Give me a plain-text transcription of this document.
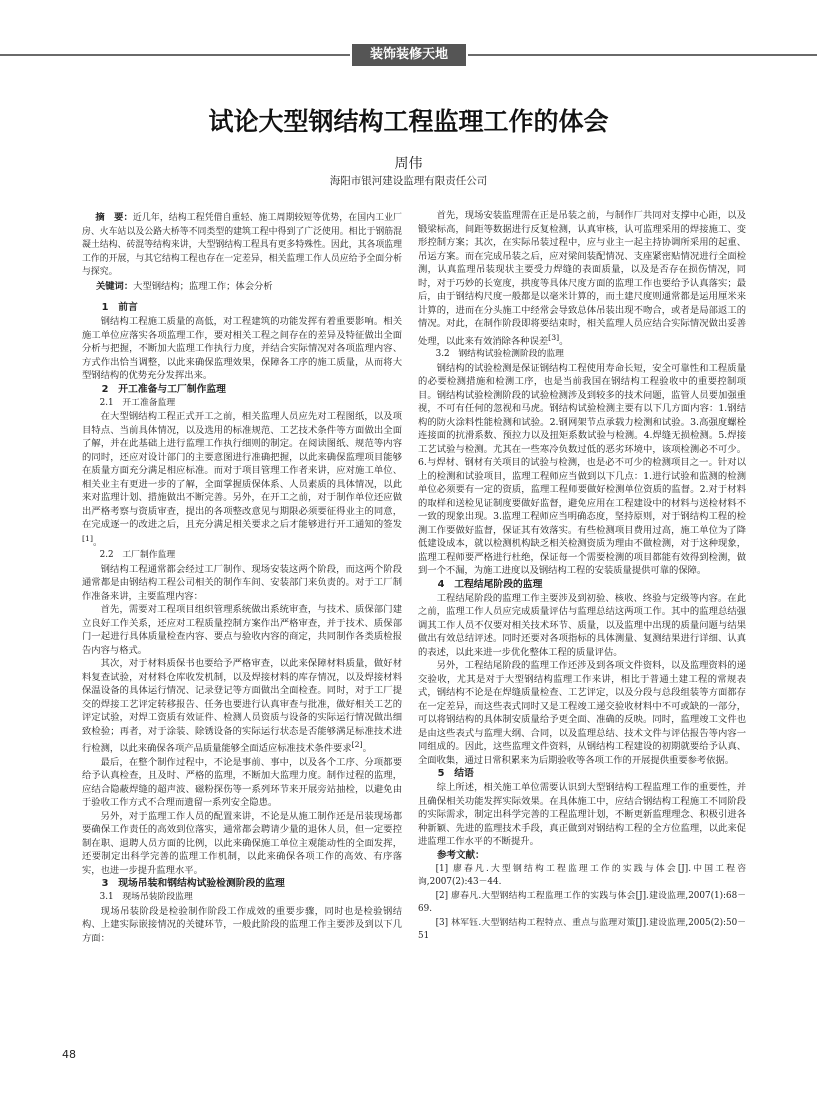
装饰装修天地
试论大型钢结构工程监理工作的体会
周伟
海阳市银河建设监理有限责任公司

摘　要：近几年，结构工程凭借自重轻、施工周期较短等优势，在国内工业厂房、火车站以及公路大桥等不同类型的建筑工程中得到了广泛使用。相比于钢筋混凝土结构、砖混等结构来讲，大型钢结构工程具有更多特殊性。因此，其各项监理工作的开展，与其它结构工程也存在一定差异，相关监理工作人员应给予全面分析与探究。

关键词：大型钢结构；监理工作；体会分析

1　前言

钢结构工程施工质量的高低，对工程建筑的功能发挥有着重要影响。相关施工单位应落实各项监理工作，要对相关工程之间存在的差异及特征做出全面分析与把握，不断加大监理工作执行力度，并结合实际情况对各项监理内容、方式作出恰当调整，以此来确保监理效果，保障各工序的施工质量，从而将大型钢结构的优势充分发挥出来。

2　开工准备与工厂制作监理

2.1　开工准备监理

在大型钢结构工程正式开工之前，相关监理人员应先对工程图纸，以及项目特点、当前具体情况，以及选用的标准规范、工艺技术条件等方面做出全面了解，并在此基础上进行监理工作执行细则的制定。在阅读图纸、规范等内容的同时，还应对设计部门的主要意图进行准确把握，以此来确保监理项目能够在质量方面充分满足相应标准。而对于项目管理工作者来讲，应对施工单位、相关业主有更进一步的了解，全面掌握质保体系、人员素质的具体情况，以此来对监理计划、措施做出不断完善。另外，在开工之前，对于制作单位还应做出严格考察与资质审查，提出的各项整改意见与期限必须要征得业主的同意，在完成逐一的改进之后，且充分满足相关要求之后才能够进行开工通知的签发[1]。

2.2　工厂制作监理

钢结构工程通常都会经过工厂制作、现场安装这两个阶段，而这两个阶段通常都是由钢结构工程公司相关的制作车间、安装部门来负责的。对于工厂制作准备来讲，主要监理内容：

首先，需要对工程项目组织管理系统做出系统审查，与技术、质保部门建立良好工作关系，还应对工程质量控制方案作出严格审查，并于技术、质保部门一起进行具体质量检查内容、要点与验收内容的商定，共同制作各类质检报告内容与格式。

其次，对于材料质保书也要给予严格审查，以此来保障材料质量，做好材料复查试验，对材料仓库收发机制，以及焊接材料的库存情况，以及焊接材料保温设备的具体运行情况、记录登记等方面做出全面检查。同时，对于工厂提交的焊接工艺评定转移报告、任务也要进行认真审查与批准，做好相关工艺的评定试验，对焊工资质有效证件、检测人员资质与设备的实际运行情况做出细致检验；再者，对于涂装、除锈设备的实际运行状态是否能够满足标准技术进行检测，以此来确保各项产品质量能够全面适应标准技术条件要求[2]。

最后，在整个制作过程中，不论是事前、事中，以及各个工序、分项都要给予认真检查，且及时、严格的监理，不断加大监理力度。制作过程的监理，应结合隐蔽焊缝的超声波、磁粉探伤等一系列环节来开展旁站抽检，以避免由于验收工作方式不合理而遗留一系列安全隐患。

另外，对于监理工作人员的配置来讲，不论是从施工制作还是吊装现场都要确保工作责任的高效到位落实，通常都会聘请少量的退休人员，但一定要控制在职、退聘人员方面的比例，以此来确保施工单位主观能动性的全面发挥，还要制定出科学完善的监理工作机制，以此来确保各项工作的高效、有序落实，也进一步提升监理水平。

3　现场吊装和钢结构试验检测阶段的监理

3.1　现场吊装阶段监理

现场吊装阶段是检验制作阶段工作成效的重要步骤，同时也是检验钢结构、上建实际嵌接情况的关键环节，一般此阶段的监理工作主要涉及到以下几方面：

首先，现场安装监理需在正是吊装之前，与制作厂共同对支撑中心距，以及锻梁标高，间距等数据进行反复检测，认真审核，认可监理采用的焊接施工、变形控制方案；其次，在实际吊装过程中，应与业主一起主持协调所采用的起重、吊运方案。而在完成吊装之后，应对梁间装配情况、支座紧密贴情况进行全面检测，认真监理吊装现状主要受力焊缝的表面质量，以及是否存在损伤情况，同时，对于巧妙的长宽度，拱度等具体尺度方面的监理工作也要给予认真落实；最后，由于钢结构尺度一般都是以毫米计算的，而土建尺度则通常都是运用厘米来计算的，进而在分头施工中经常会导致总体吊装出现不吻合，或者是局部返工的情况。对此，在制作阶段即将要结束时，相关监理人员应结合实际情况做出妥善处理，以此来有效消除各种误差[3]。

3.2　钢结构试验检测阶段的监理

钢结构的试验检测是保证钢结构工程使用寿命长短，安全可靠性和工程质量的必要检测措施和检测工序，也是当前我国在钢结构工程验收中的重要控制项目。钢结构试验检测阶段的试验检测涉及到较多的技术问题，监管人员要加强重视，不可有任何的忽视和马虎。钢结构试验检测主要有以下几方面内容：1.钢结构的防火涂料性能检测和试验。2.钢网架节点承载力检测和试验。3.高强度螺栓连接面的抗滑系数、预拉力以及扭矩系数试验与检测。4.焊缝无损检测。5.焊接工艺试验与检测。尤其在一些寒冷负数过低的恶劣环境中，该项检测必不可少。6.与焊材、钢材有关项目的试验与检测，也是必不可少的检测项目之一。针对以上的检测和试验项目，监理工程师应当做到以下几点：1.进行试验和监测的检测单位必须要有一定的资质，监理工程师要做好检测单位资质的监督。2.对于材料的取样和送检见证制度要做好监督，避免应用在工程建设中的材料与送检材料不一致的现象出现。3.监理工程师应当明确态度，坚持原则，对于钢结构工程的检测工作要做好监督，保证其有效落实。有些检测项目费用过高，施工单位为了降低建设成本，就以检测机构缺乏相关检测资质为理由不做检测，对于这种现象，监理工程师要严格进行杜绝，保证每一个需要检测的项目都能有效得到检测，做到一个不漏，为施工进度以及钢结构工程的安装质量提供可靠的保障。

4　工程结尾阶段的监理

工程结尾阶段的监理工作主要涉及到初验、核收、终验与定级等内容。在此之前，监理工作人员应完成质量评估与监理总结这两项工作。其中的监理总结强调其工作人员不仅要对相关技术环节、质量，以及监理中出现的质量问题与结果做出有效总结评述。同时还要对各项指标的具体测量、复测结果进行详细、认真的表述，以此来进一步优化整体工程的质量评估。

另外，工程结尾阶段的监理工作还涉及到各项文件资料，以及监理资料的递交验收，尤其是对于大型钢结构监理工作来讲，相比于普通土建工程的常规表式，钢结构不论是在焊缝质量检查、工艺评定，以及分段与总段组装等方面都存在一定差异，而这些表式同时又是工程竣工递交验收材料中不可或缺的一部分，可以将钢结构的具体制安质量给予更全面、准确的反映。同时，监理竣工文件也是由这些表式与监理大纲、合同，以及监理总结、技术文件与评估报告等内容一同组成的。因此，这些监理文件资料，从钢结构工程建设的初期就要给予认真、全面收集，通过日常积累来为后期验收等各项工作的开展提供重要参考依据。

5　结语

综上所述，相关施工单位需要认识到大型钢结构工程监理工作的重要性，并且确保相关功能发挥实际效果。在具体施工中，应结合钢结构工程施工不同阶段的实际需求，制定出科学完善的工程监理计划，不断更新监理理念、积极引进各种新颖、先进的监理技术手段，真正做到对钢结构工程的全方位监理，以此来促进监理工作水平的不断提升。

参考文献：

[1] 廖春凡.大型钢结构工程监理工作的实践与体会[J].中国工程咨询,2007(2):43－44.

[2] 廖春凡.大型钢结构工程监理工作的实践与体会[J].建设监理,2007(1):68－69.

[3] 林军钰.大型钢结构工程特点、重点与监理对策[J].建设监理,2005(2):50－51

48
